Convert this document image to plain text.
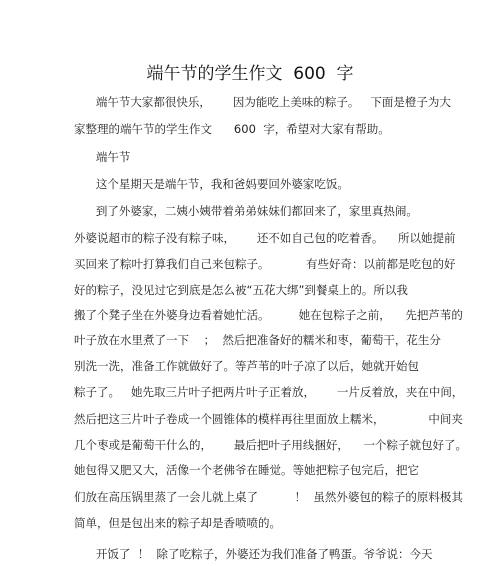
端午节的学生作文  600  字
端午节大家都很快乐，      因为能吃上美味的粽子。   下面是橙子为大
家整理的端午节的学生作文      600  字，希望对大家有帮助。
端午节
这个星期天是端午节，我和爸妈要回外婆家吃饭。
到了外婆家，二姨小姨带着弟弟妹妹们都回来了，家里真热闹。
外婆说超市的粽子没有粽子味，      还不如自己包的吃着香。    所以她提前
买回来了粽叶打算我们自己来包粽子。          有些好奇：以前都是吃包的好
好的粽子，没见过它到底是怎么被“五花大绑”到餐桌上的。所以我
搬了个凳子坐在外婆身边看着她忙活。        她在包粽子之前，    先把芦苇的
叶子放在水里煮了一下    ；  然后把准备好的糯米和枣，葡萄干，花生分
别洗一洗，准备工作就做好了。等芦苇的叶子凉了以后，她就开始包
粽子了。   她先取三片叶子把两片叶子正着放，      一片反着放，夹在中间，
然后把这三片叶子卷成一个圆锥体的模样再往里面放上糯米，            中间夹
几个枣或是葡萄干什么的，      最后把叶子用线捆好，    一个粽子就包好了。
她包得又肥又大，活像一个老佛爷在睡觉。等她把粽子包完后，把它
们放在高压锅里蒸了一会儿就上桌了          ！  虽然外婆包的粽子的原料极其
简单，但是包出来的粽子却是香喷喷的。
开饭了  ！  除了吃粽子，外婆还为我们准备了鸭蛋。爷爷说：今天
